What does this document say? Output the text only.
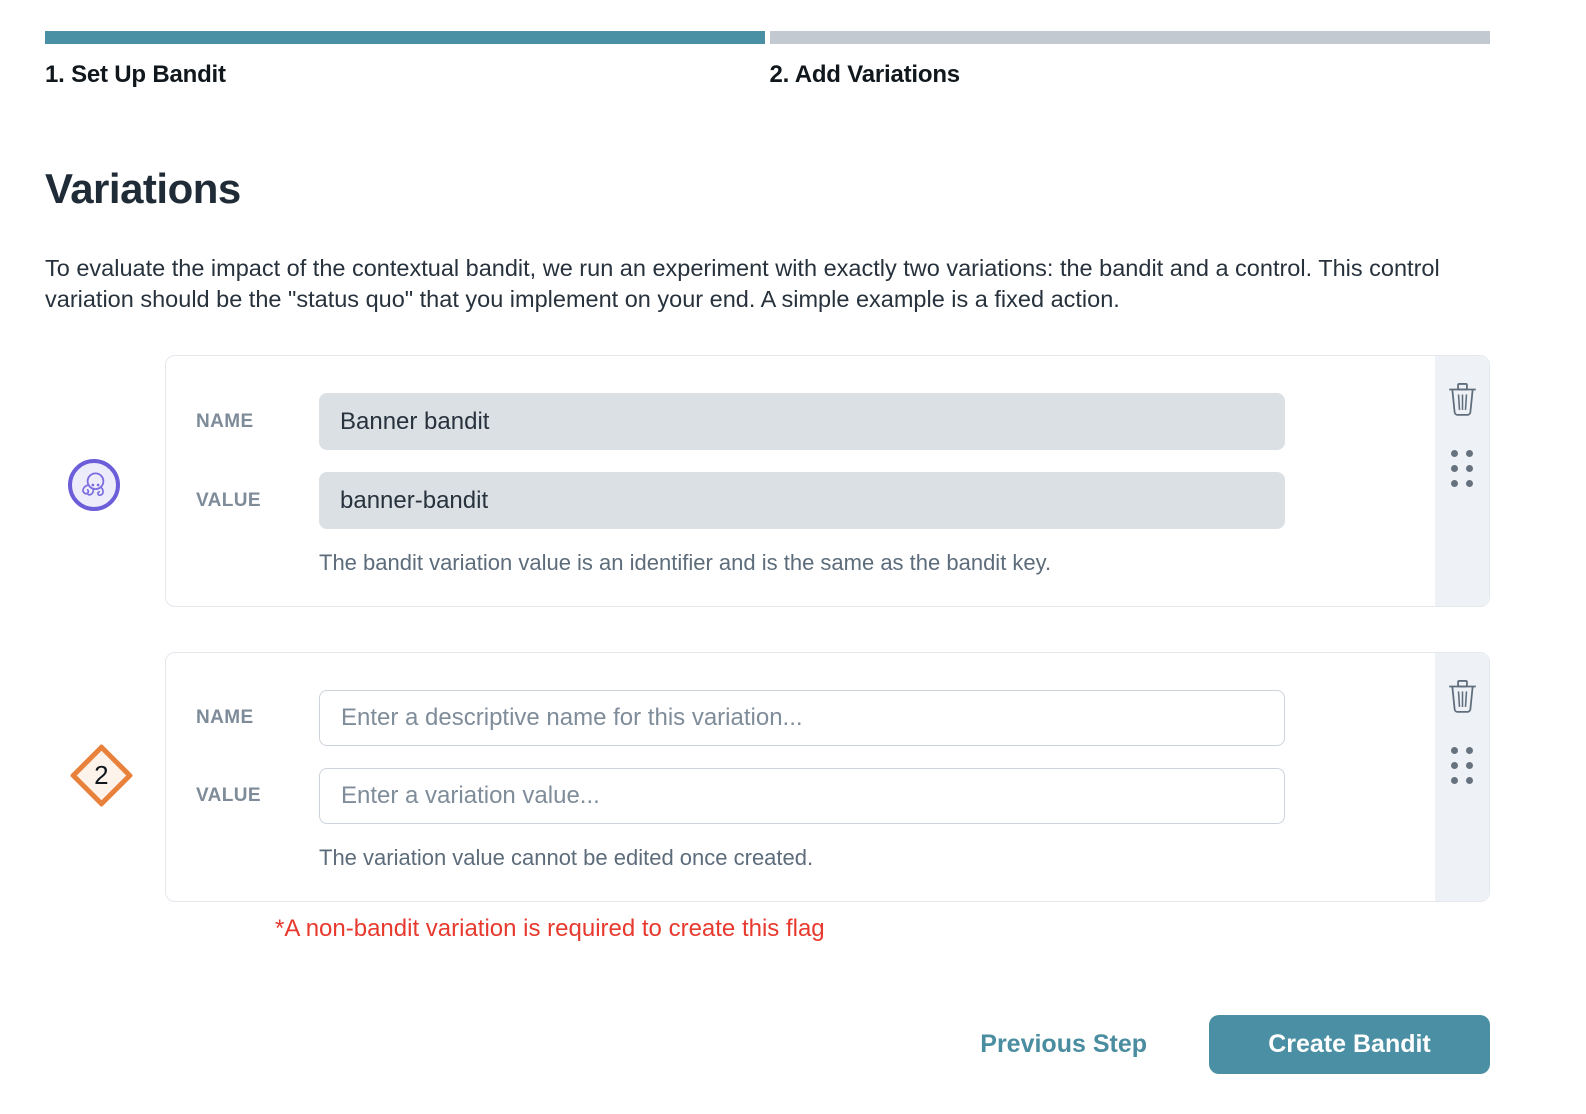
1. Set Up Bandit	2. Add Variations
Variations

To evaluate the impact of the contextual bandit, we run an experiment with exactly two variations: the bandit and a control. This control variation should be the "status quo" that you implement on your end. A simple example is a fixed action.

NAME
Banner bandit
VALUE
banner-bandit
The bandit variation value is an identifier and is the same as the bandit key.
2
NAME
Enter a descriptive name for this variation...
VALUE
Enter a variation value...
The variation value cannot be edited once created.
*A non-bandit variation is required to create this flag
Previous Step	Create Bandit
